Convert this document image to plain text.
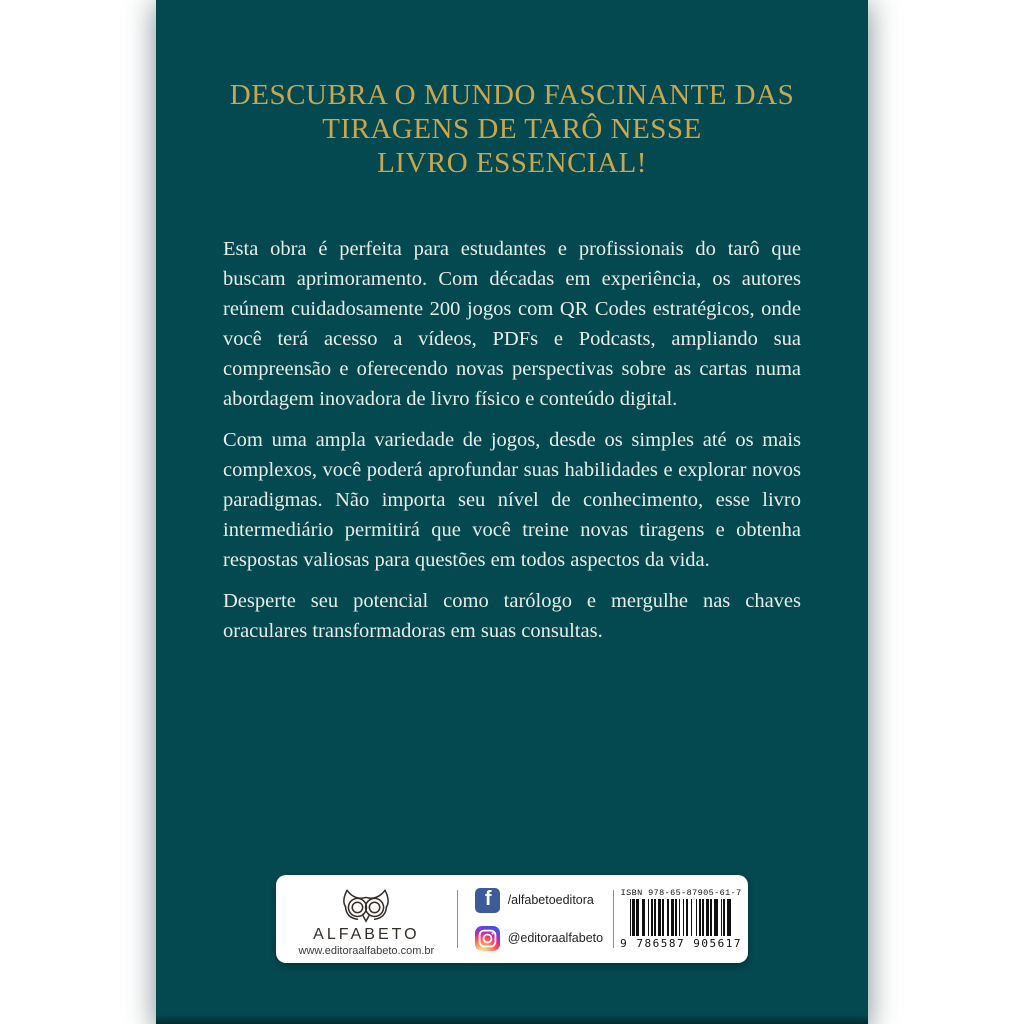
DESCUBRA O MUNDO FASCINANTE DAS
TIRAGENS DE TARÔ NESSE
LIVRO ESSENCIAL!

Esta obra é perfeita para estudantes e profissionais do tarô que buscam aprimoramento. Com décadas em experiência, os autores reúnem cuidadosamente 200 jogos com QR Codes estratégicos, onde você terá acesso a vídeos, PDFs e Podcasts, ampliando sua compreensão e oferecendo novas perspectivas sobre as cartas numa abordagem inovadora de livro físico e conteúdo digital.

Com uma ampla variedade de jogos, desde os simples até os mais complexos, você poderá aprofundar suas habilidades e explorar novos paradigmas. Não importa seu nível de conhecimento, esse livro intermediário permitirá que você treine novas tiragens e obtenha respostas valiosas para questões em todos aspectos da vida.

Desperte seu potencial como tarólogo e mergulhe nas chaves oraculares transformadoras em suas consultas.

ALFABETO
www.editoraalfabeto.com.br
f	/alfabetoeditora
@editoraalfabeto
ISBN 978-65-87905-61-7
9 786587 905617
